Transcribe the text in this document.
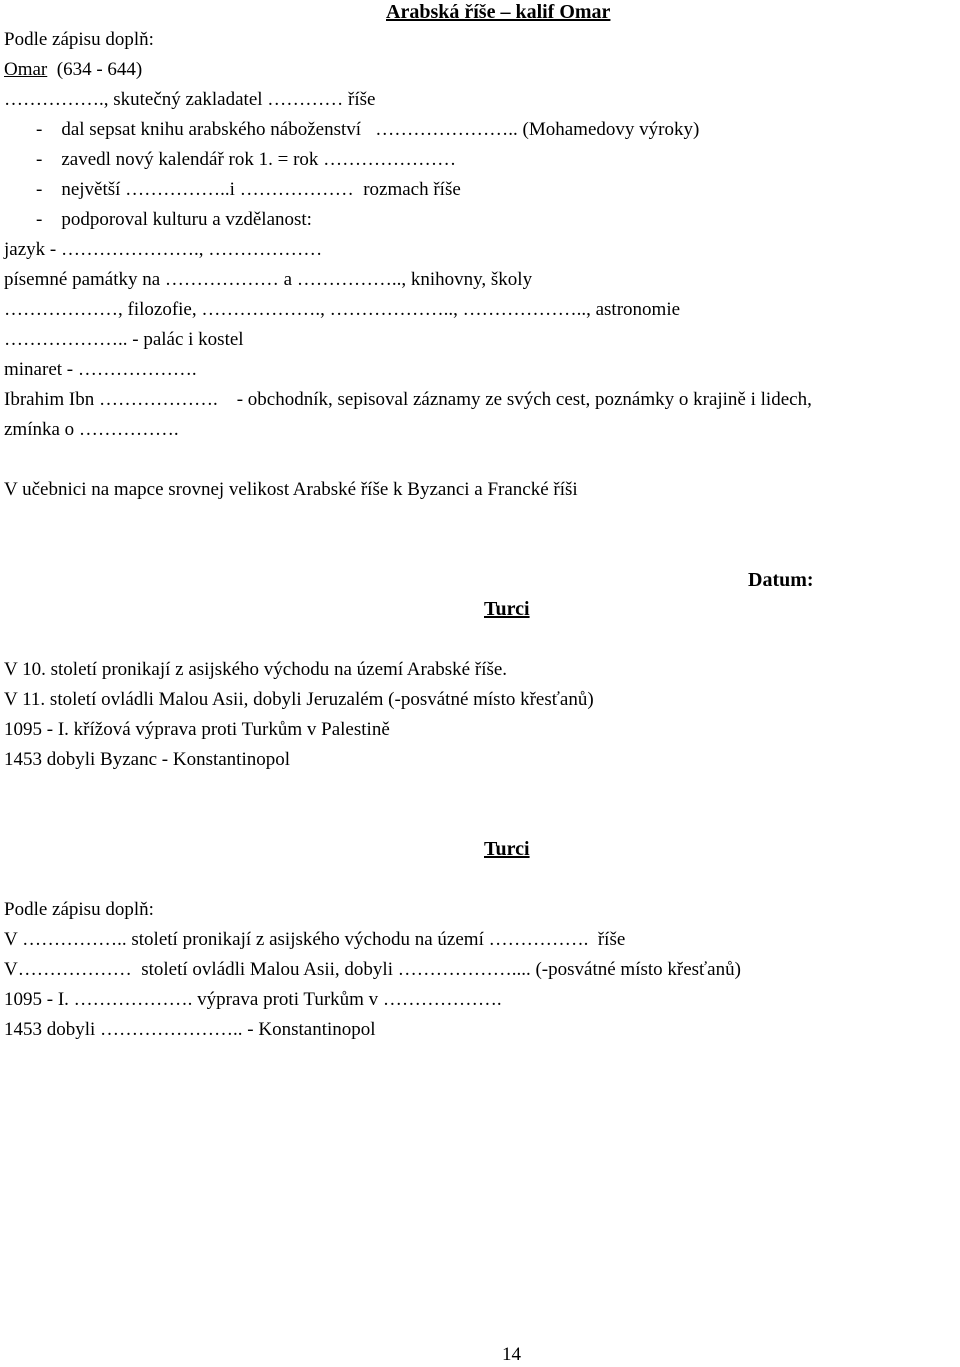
Arabská říše – kalif Omar
Podle zápisu doplň:
Omar  (634 - 644)
……………., skutečný zakladatel ………… říše
-    dal sepsat knihu arabského náboženství   ………………….. (Mohamedovy výroky)
-    zavedl nový kalendář rok 1. = rok …………………
-    největší ……………..i ………………  rozmach říše
-    podporoval kulturu a vzdělanost:
jazyk - …………………., ………………
písemné památky na ……………… a …………….., knihovny, školy
………………, filozofie, ………………., ……………….., ……………….., astronomie
……………….. - palác i kostel
minaret - ……………….
Ibrahim Ibn ……………….    - obchodník, sepisoval záznamy ze svých cest, poznámky o krajině i lidech,
zmínka o …………….
V učebnici na mapce srovnej velikost Arabské říše k Byzanci a Francké říši
Datum:
Turci
V 10. století pronikají z asijského východu na území Arabské říše.
V 11. století ovládli Malou Asii, dobyli Jeruzalém (-posvátné místo křesťanů)
1095 - I. křížová výprava proti Turkům v Palestině
1453 dobyli Byzanc - Konstantinopol
Turci
Podle zápisu doplň:
V …………….. století pronikají z asijského východu na území …………….  říše
V………………  století ovládli Malou Asii, dobyli ……………….... (-posvátné místo křesťanů)
1095 - I. ………………. výprava proti Turkům v ……………….
1453 dobyli ………………….. - Konstantinopol
14
